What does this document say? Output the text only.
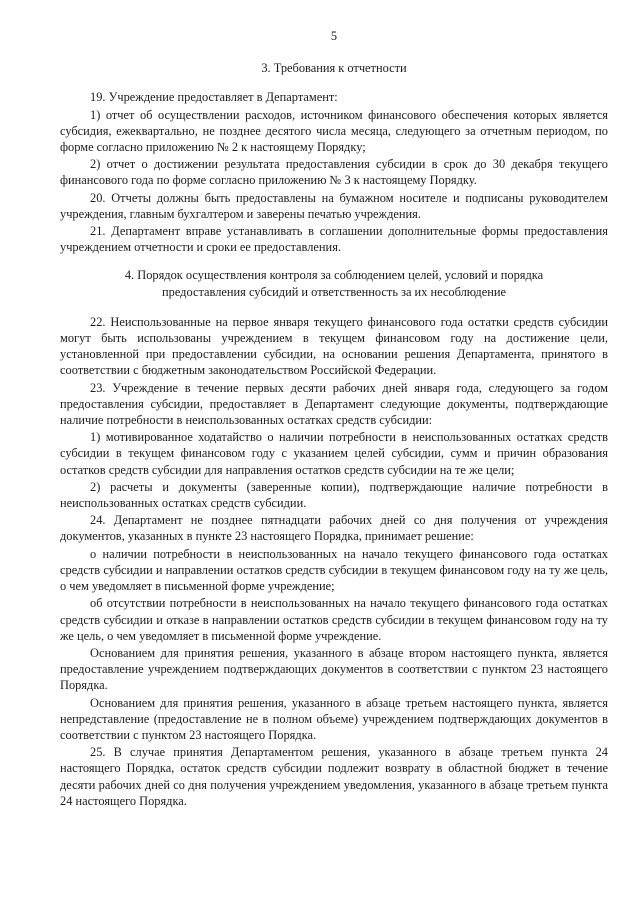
5
3. Требования к отчетности

19. Учреждение предоставляет в Департамент:

1) отчет об осуществлении расходов, источником финансового обеспечения которых является субсидия, ежеквартально, не позднее десятого числа месяца, следующего за отчетным периодом, по форме согласно приложению № 2 к настоящему Порядку;

2) отчет о достижении результата предоставления субсидии в срок до 30 декабря текущего финансового года по форме согласно приложению № 3 к настоящему Порядку.

20. Отчеты должны быть предоставлены на бумажном носителе и подписаны руководителем учреждения, главным бухгалтером и заверены печатью учреждения.

21. Департамент вправе устанавливать в соглашении дополнительные формы предоставления учреждением отчетности и сроки ее предоставления.

4. Порядок осуществления контроля за соблюдением целей, условий и порядка
предоставления субсидий и ответственность за их несоблюдение

22. Неиспользованные на первое января текущего финансового года остатки средств субсидии могут быть использованы учреждением в текущем финансовом году на достижение цели, установленной при предоставлении субсидии, на основании решения Департамента, принятого в соответствии с бюджетным законодательством Российской Федерации.

23. Учреждение в течение первых десяти рабочих дней января года, следующего за годом предоставления субсидии, предоставляет в Департамент следующие документы, подтверждающие наличие потребности в неиспользованных остатках средств субсидии:

1) мотивированное ходатайство о наличии потребности в неиспользованных остатках средств субсидии в текущем финансовом году с указанием целей субсидии, сумм и причин образования остатков средств субсидии для направления остатков средств субсидии на те же цели;

2) расчеты и документы (заверенные копии), подтверждающие наличие потребности в неиспользованных остатках средств субсидии.

24. Департамент не позднее пятнадцати рабочих дней со дня получения от учреждения документов, указанных в пункте 23 настоящего Порядка, принимает решение:

о наличии потребности в неиспользованных на начало текущего финансового года остатках средств субсидии и направлении остатков средств субсидии в текущем финансовом году на ту же цель, о чем уведомляет в письменной форме учреждение;

об отсутствии потребности в неиспользованных на начало текущего финансового года остатках средств субсидии и отказе в направлении остатков средств субсидии в текущем финансовом году на ту же цель, о чем уведомляет в письменной форме учреждение.

Основанием для принятия решения, указанного в абзаце втором настоящего пункта, является предоставление учреждением подтверждающих документов в соответствии с пунктом 23 настоящего Порядка.

Основанием для принятия решения, указанного в абзаце третьем настоящего пункта, является непредставление (предоставление не в полном объеме) учреждением подтверждающих документов в соответствии с пунктом 23 настоящего Порядка.

25. В случае принятия Департаментом решения, указанного в абзаце третьем пункта 24 настоящего Порядка, остаток средств субсидии подлежит возврату в областной бюджет в течение десяти рабочих дней со дня получения учреждением уведомления, указанного в абзаце третьем пункта 24 настоящего Порядка.
